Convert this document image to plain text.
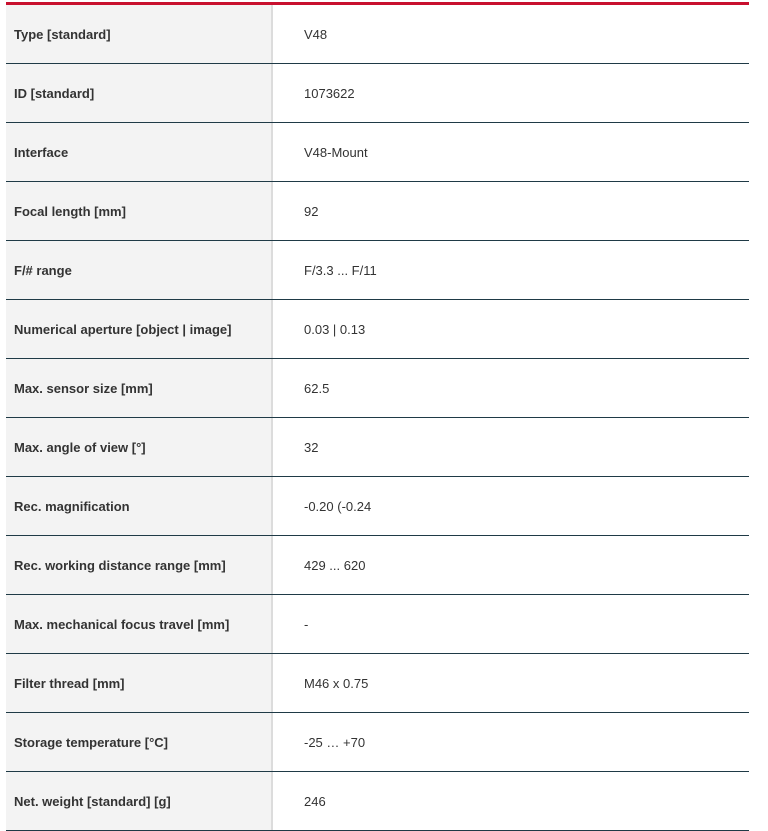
Type [standard]	V48
ID [standard]	1073622
Interface	V48-Mount
Focal length [mm]	92
F/# range	F/3.3 ... F/11
Numerical aperture [object | image]	0.03 | 0.13
Max. sensor size [mm]	62.5
Max. angle of view [°]	32
Rec. magnification	-0.20 (-0.24
Rec. working distance range [mm]	429 ... 620
Max. mechanical focus travel [mm]	-
Filter thread [mm]	M46 x 0.75
Storage temperature [°C]	-25 … +70
Net. weight [standard] [g]	246
